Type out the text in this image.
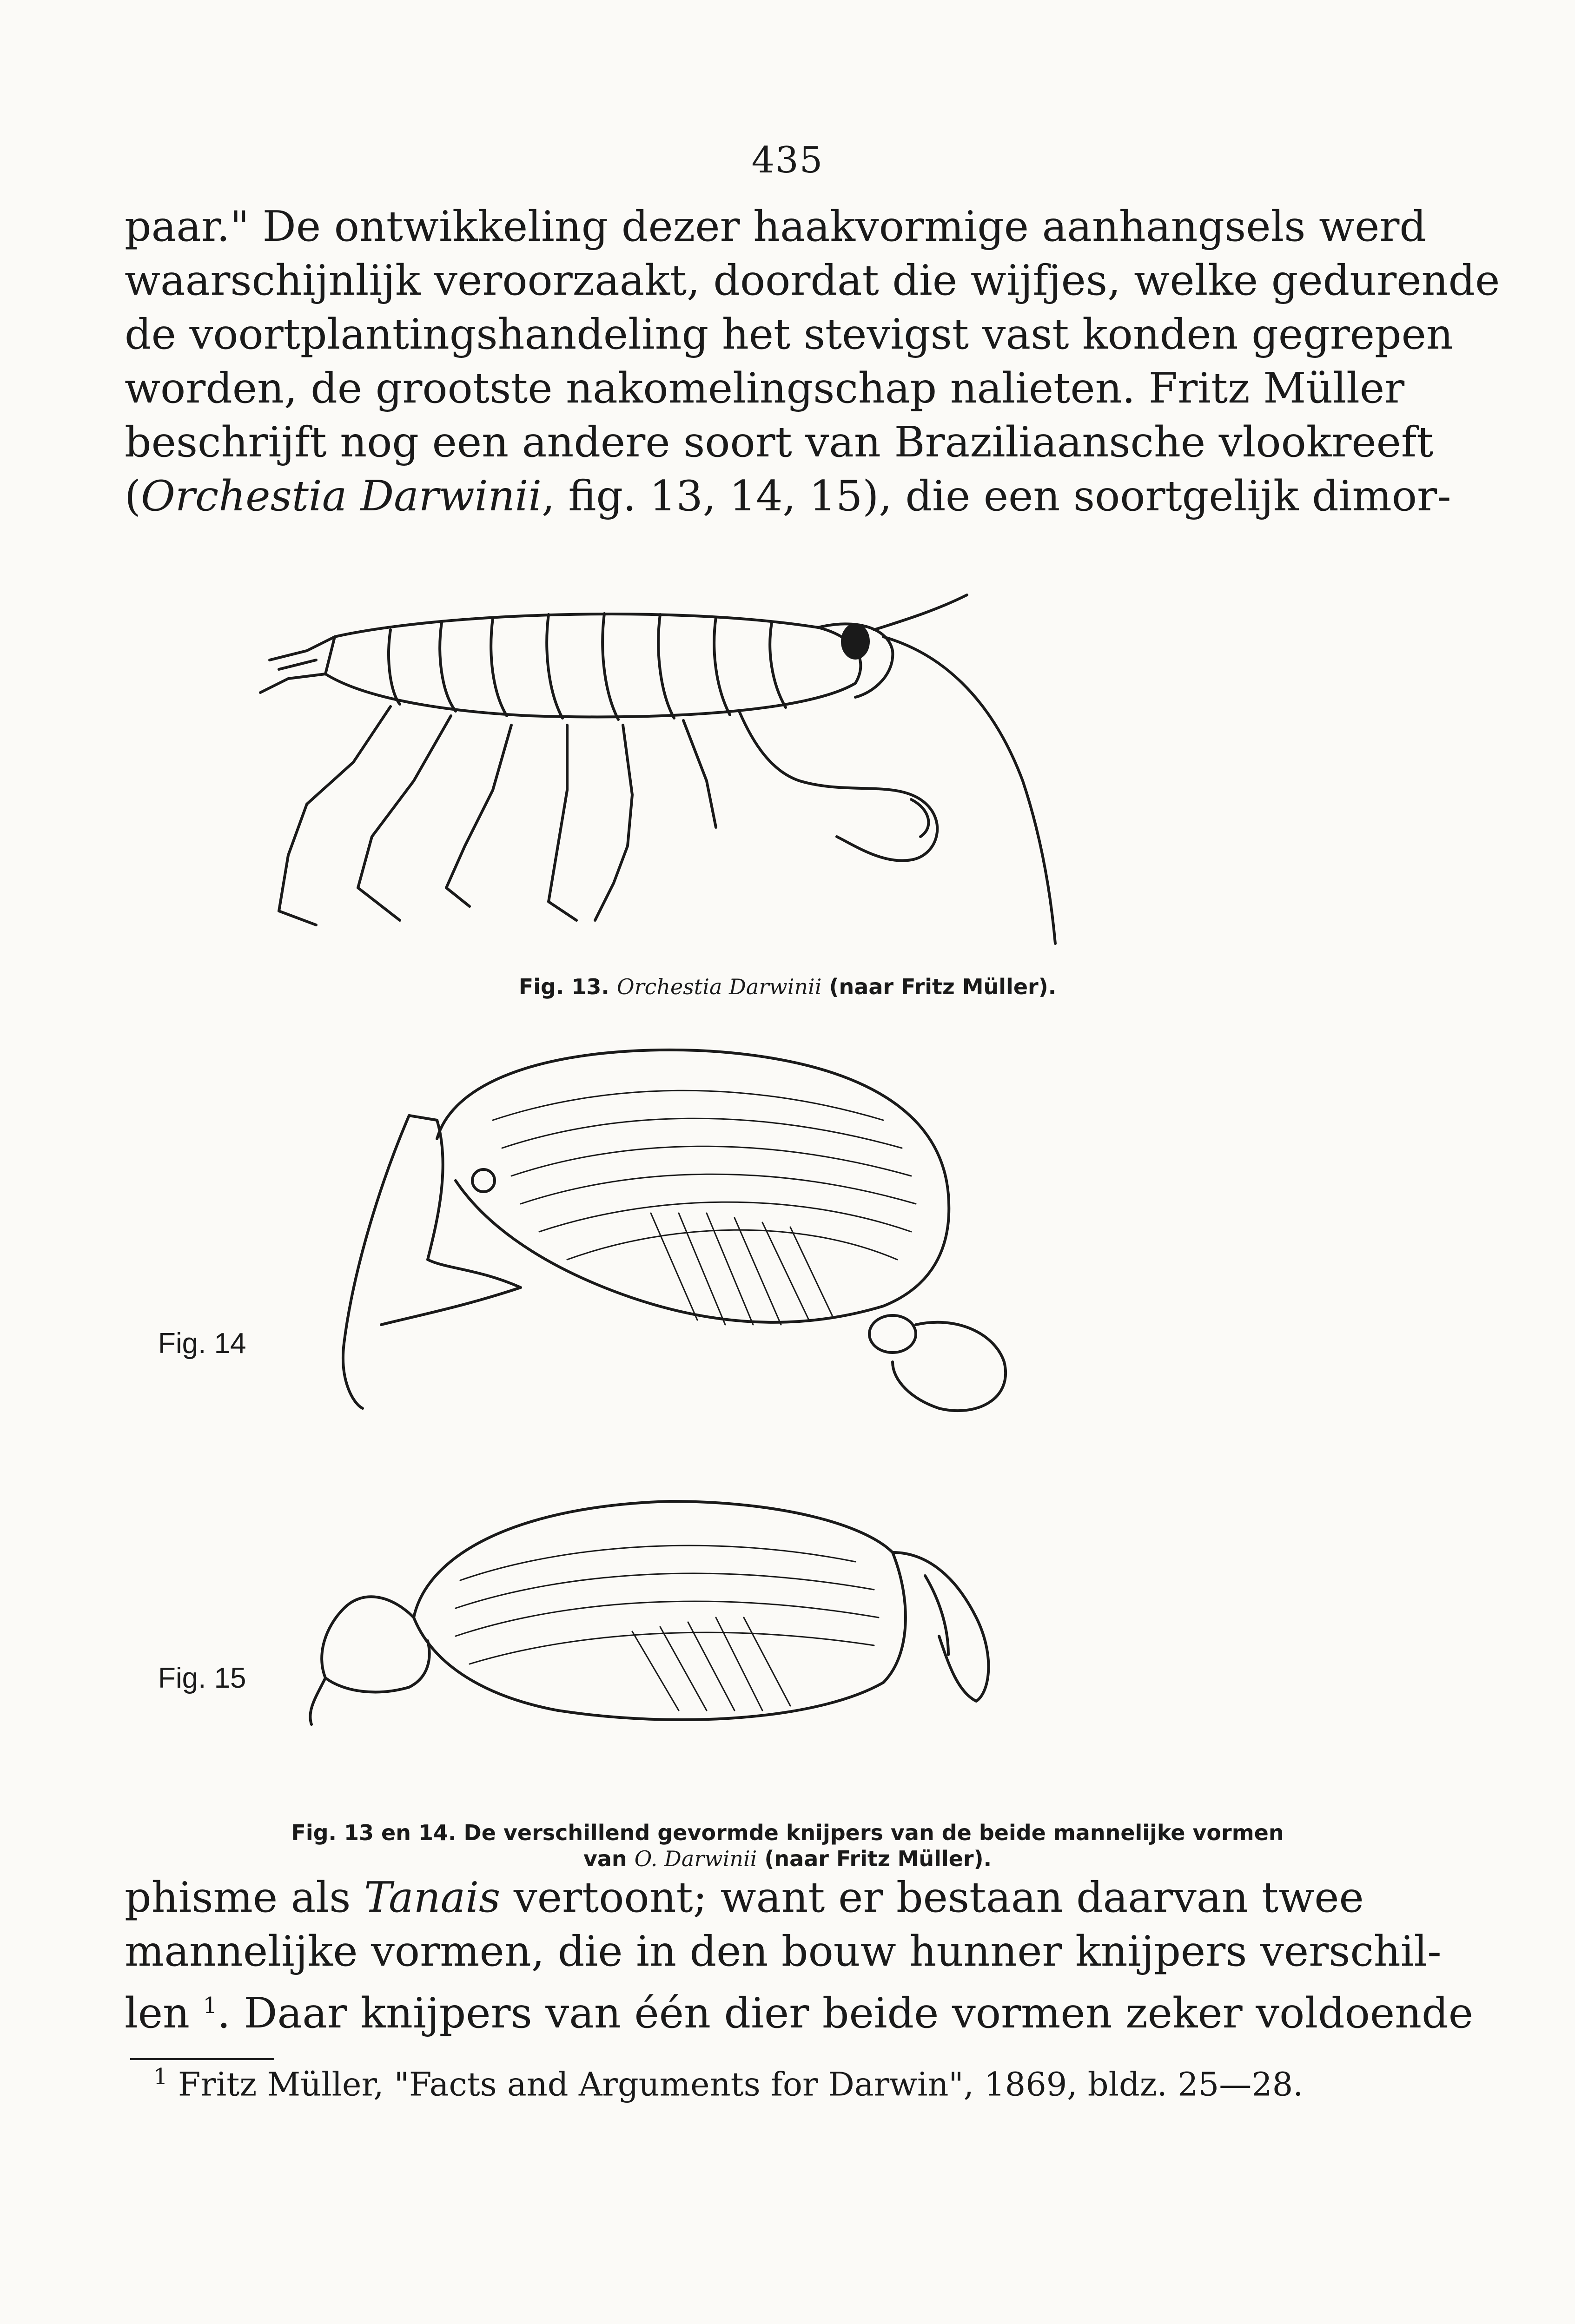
435
paar." De ontwikkeling dezer haakvormige aanhangsels werd
waarschijnlijk veroorzaakt, doordat die wijfjes, welke gedurende
de voortplantingshandeling het stevigst vast konden gegrepen
worden, de grootste nakomelingschap nalieten. Fritz Müller
beschrijft nog een andere soort van Braziliaansche vlookreeft
(Orchestia Darwinii, fig. 13, 14, 15), die een soortgelijk dimor-
Fig. 13. Orchestia Darwinii (naar Fritz Müller).
Fig. 14
Fig. 15
Fig. 13 en 14. De verschillend gevormde knijpers van de beide mannelijke vormen
van O. Darwinii (naar Fritz Müller).
phisme als Tanais vertoont; want er bestaan daarvan twee
mannelijke vormen, die in den bouw hunner knijpers verschil-
len $^1$. Daar knijpers van één dier beide vormen zeker voldoende
$^1$ Fritz Müller, "Facts and Arguments for Darwin", 1869, bldz. 25—28.
